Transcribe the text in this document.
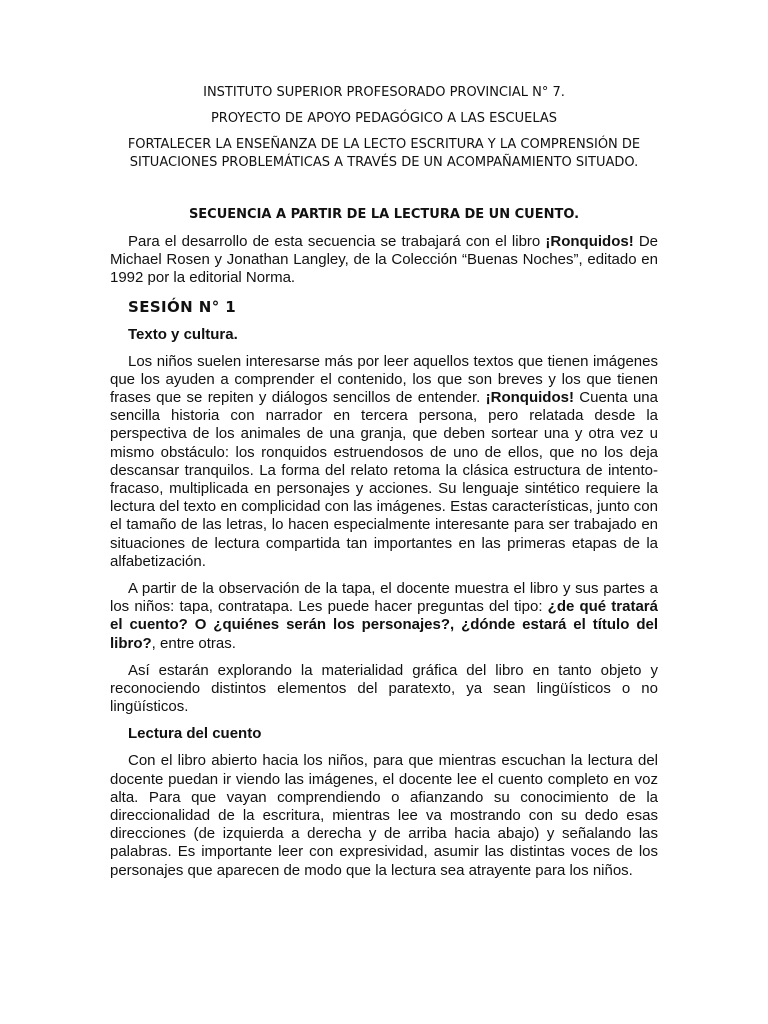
INSTITUTO SUPERIOR PROFESORADO PROVINCIAL N° 7.

PROYECTO DE APOYO PEDAGÓGICO A LAS ESCUELAS

FORTALECER LA ENSEÑANZA DE LA LECTO ESCRITURA Y LA COMPRENSIÓN DE SITUACIONES PROBLEMÁTICAS A TRAVÉS DE UN ACOMPAÑAMIENTO SITUADO.

SECUENCIA A PARTIR DE LA LECTURA DE UN CUENTO.

Para el desarrollo de esta secuencia se trabajará con el libro ¡Ronquidos! De Michael Rosen y Jonathan Langley, de la Colección “Buenas Noches”, editado en 1992 por la editorial Norma.

SESIÓN N° 1

Texto y cultura.

Los niños suelen interesarse más por leer aquellos textos que tienen imágenes que los ayuden a comprender el contenido, los que son breves y los que tienen frases que se repiten y diálogos sencillos de entender. ¡Ronquidos! Cuenta una sencilla historia con narrador en tercera persona, pero relatada desde la perspectiva de los animales de una granja, que deben sortear una y otra vez u mismo obstáculo: los ronquidos estruendosos de uno de ellos, que no los deja descansar tranquilos. La forma del relato retoma la clásica estructura de intento-fracaso, multiplicada en personajes y acciones. Su lenguaje sintético requiere la lectura del texto en complicidad con las imágenes. Estas características, junto con el tamaño de las letras, lo hacen especialmente interesante para ser trabajado en situaciones de lectura compartida tan importantes en las primeras etapas de la alfabetización.

A partir de la observación de la tapa, el docente muestra el libro y sus partes a los niños: tapa, contratapa. Les puede hacer preguntas del tipo: ¿de qué tratará el cuento? O ¿quiénes serán los personajes?, ¿dónde estará el título del libro?, entre otras.

Así estarán explorando la materialidad gráfica del libro en tanto objeto y reconociendo distintos elementos del paratexto, ya sean lingüísticos o no lingüísticos.

Lectura del cuento

Con el libro abierto hacia los niños, para que mientras escuchan la lectura del docente puedan ir viendo las imágenes, el docente lee el cuento completo en voz alta. Para que vayan comprendiendo o afianzando su conocimiento de la direccionalidad de la escritura, mientras lee va mostrando con su dedo esas direcciones (de izquierda a derecha y de arriba hacia abajo) y señalando las palabras. Es importante leer con expresividad, asumir las distintas voces de los personajes que aparecen de modo que la lectura sea atrayente para los niños.
